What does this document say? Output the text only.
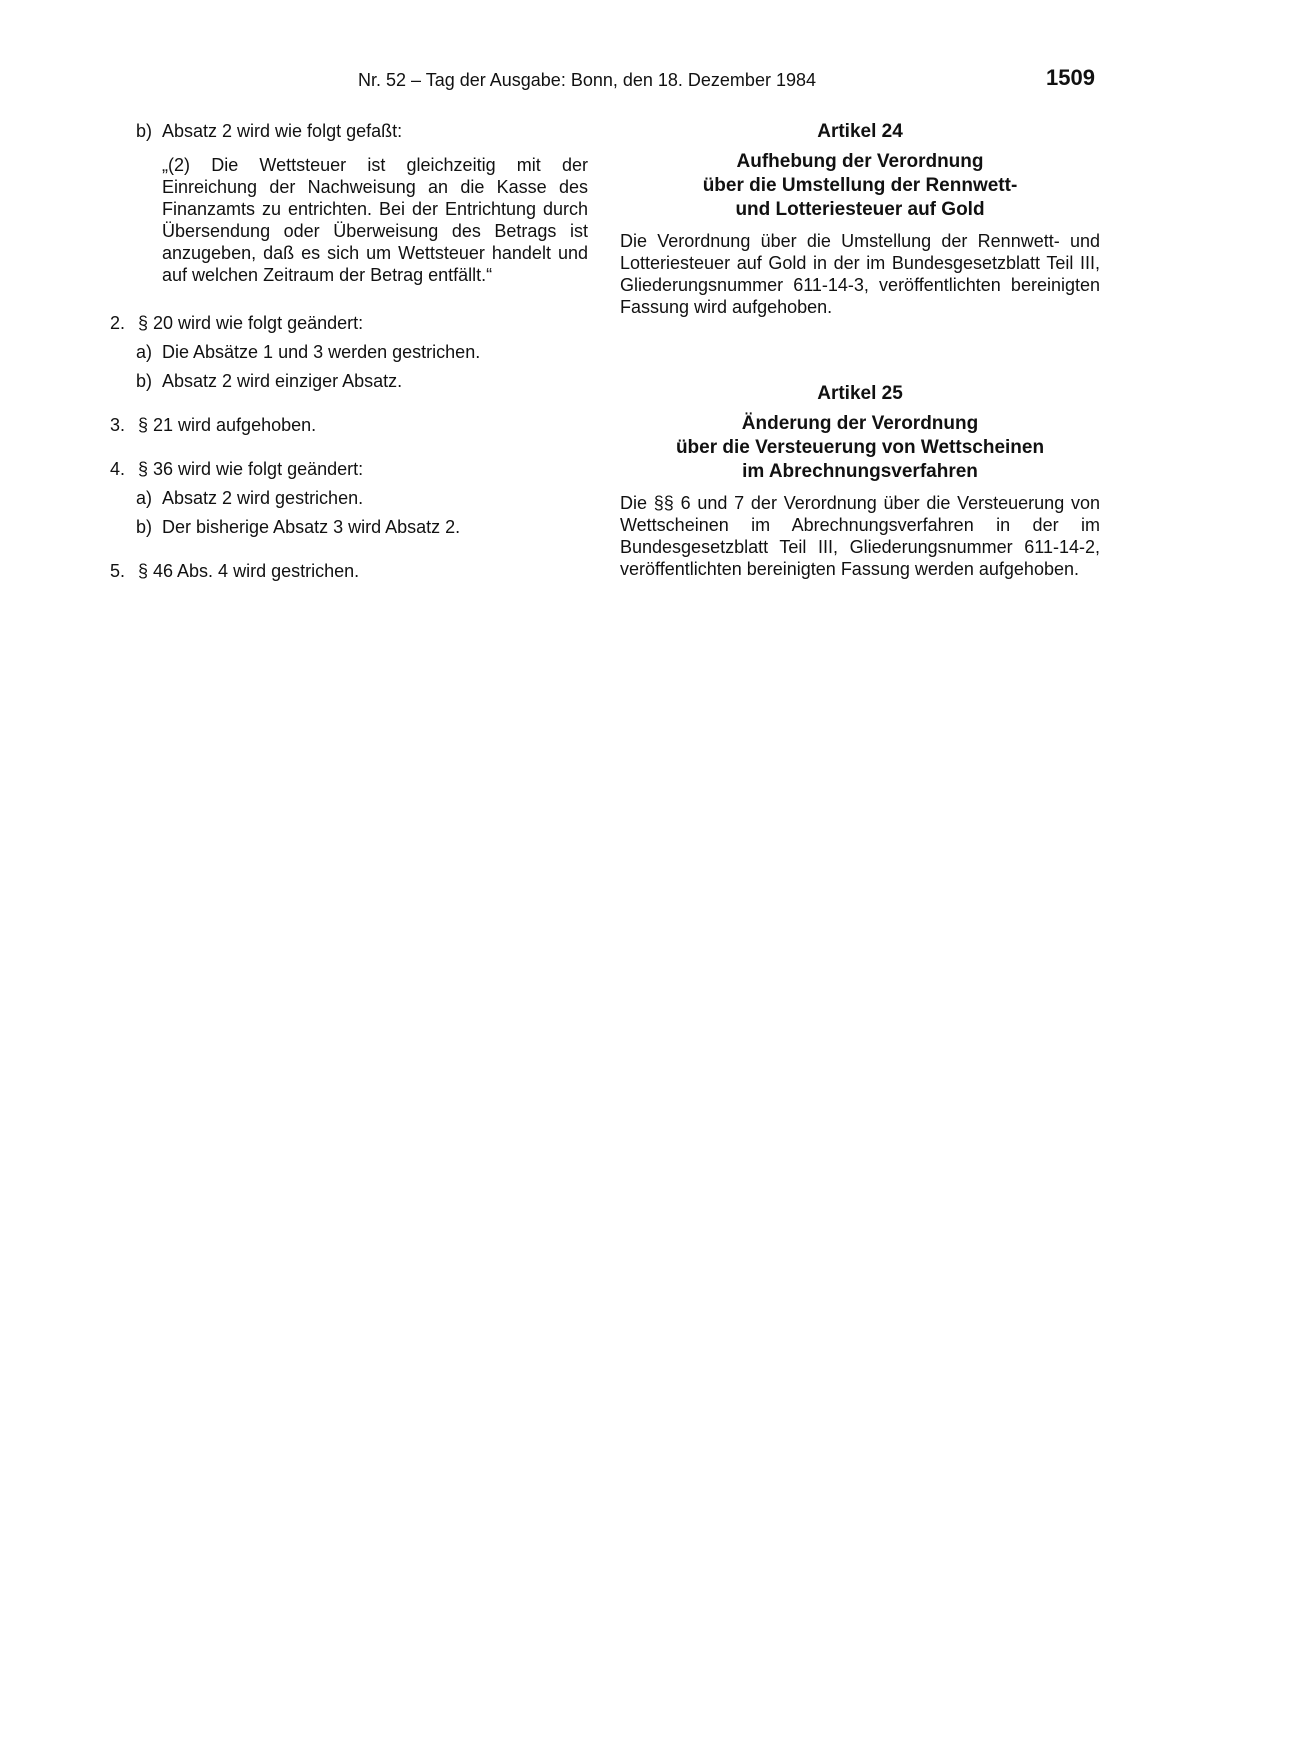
Nr. 52 – Tag der Ausgabe: Bonn, den 18. Dezember 1984	1509
b) Absatz 2 wird wie folgt gefaßt:

„(2) Die Wettsteuer ist gleichzeitig mit der Einreichung der Nachweisung an die Kasse des Finanzamts zu entrichten. Bei der Entrichtung durch Übersendung oder Überweisung des Betrags ist anzugeben, daß es sich um Wettsteuer handelt und auf welchen Zeitraum der Betrag entfällt.“

2. § 20 wird wie folgt geändert:
a) Die Absätze 1 und 3 werden gestrichen.
b) Absatz 2 wird einziger Absatz.
3. § 21 wird aufgehoben.
4. § 36 wird wie folgt geändert:
a) Absatz 2 wird gestrichen.
b) Der bisherige Absatz 3 wird Absatz 2.
5. § 46 Abs. 4 wird gestrichen.

Artikel 24

Aufhebung der Verordnung

über die Umstellung der Rennwett-

und Lotteriesteuer auf Gold

Die Verordnung über die Umstellung der Rennwett- und Lotteriesteuer auf Gold in der im Bundesgesetzblatt Teil III, Gliederungsnummer 611-14-3, veröffentlichten bereinigten Fassung wird aufgehoben.

Artikel 25

Änderung der Verordnung

über die Versteuerung von Wettscheinen

im Abrechnungsverfahren

Die §§ 6 und 7 der Verordnung über die Versteuerung von Wettscheinen im Abrechnungsverfahren in der im Bundesgesetzblatt Teil III, Gliederungsnummer 611-14-2, veröffentlichten bereinigten Fassung werden aufgehoben.
